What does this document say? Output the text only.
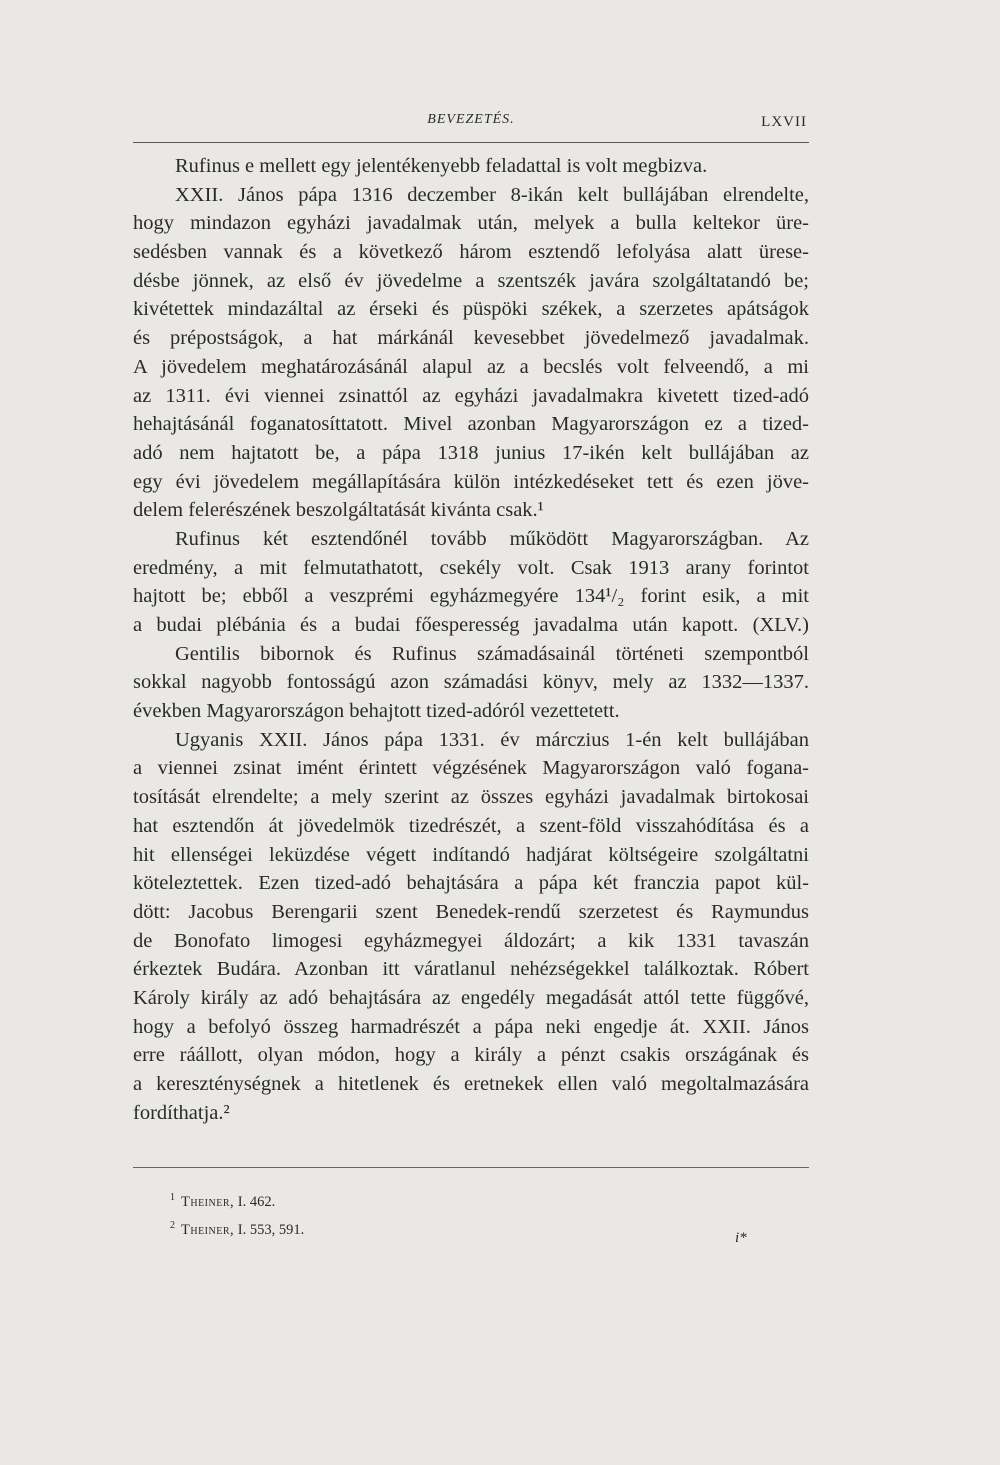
BEVEZETÉS.	LXVII
Rufinus e mellett egy jelentékenyebb feladattal is volt megbizva.
XXII. János pápa 1316 deczember 8-ikán kelt bullájában elrendelte,
hogy mindazon egyházi javadalmak után, melyek a bulla keltekor üre-
sedésben vannak és a következő három esztendő lefolyása alatt ürese-
désbe jönnek, az első év jövedelme a szentszék javára szolgáltatandó be;
kivétettek mindazáltal az érseki és püspöki székek, a szerzetes apátságok
és prépostságok, a hat márkánál kevesebbet jövedelmező javadalmak.
A jövedelem meghatározásánál alapul az a becslés volt felveendő, a mi
az 1311. évi viennei zsinattól az egyházi javadalmakra kivetett tized-adó
hehajtásánál foganatosíttatott. Mivel azonban Magyarországon ez a tized-
adó nem hajtatott be, a pápa 1318 junius 17-ikén kelt bullájában az
egy évi jövedelem megállapítására külön intézkedéseket tett és ezen jöve-
delem felerészének beszolgáltatását kivánta csak.¹
Rufinus két esztendőnél tovább működött Magyarországban. Az
eredmény, a mit felmutathatott, csekély volt. Csak 1913 arany forintot
hajtott be; ebből a veszprémi egyházmegyére 134¹/₂ forint esik, a mit
a budai plébánia és a budai főesperesség javadalma után kapott. (XLV.)
Gentilis bibornok és Rufinus számadásainál történeti szempontból
sokkal nagyobb fontosságú azon számadási könyv, mely az 1332—1337.
években Magyarországon behajtott tized-adóról vezettetett.
Ugyanis XXII. János pápa 1331. év márczius 1-én kelt bullájában
a viennei zsinat imént érintett végzésének Magyarországon való fogana-
tosítását elrendelte; a mely szerint az összes egyházi javadalmak birtokosai
hat esztendőn át jövedelmök tizedrészét, a szent-föld visszahódítása és a
hit ellenségei leküzdése végett indítandó hadjárat költségeire szolgáltatni
köteleztettek. Ezen tized-adó behajtására a pápa két franczia papot kül-
dött: Jacobus Berengarii szent Benedek-rendű szerzetest és Raymundus
de Bonofato limogesi egyházmegyei áldozárt; a kik 1331 tavaszán
érkeztek Budára. Azonban itt váratlanul nehézségekkel találkoztak. Róbert
Károly király az adó behajtására az engedély megadását attól tette függővé,
hogy a befolyó összeg harmadrészét a pápa neki engedje át. XXII. János
erre ráállott, olyan módon, hogy a király a pénzt csakis országának és
a kereszténységnek a hitetlenek és eretnekek ellen való megoltalmazására
fordíthatja.²
$^1$ Theiner, I. 462.
$^2$ Theiner, I. 553, 591.
i*
